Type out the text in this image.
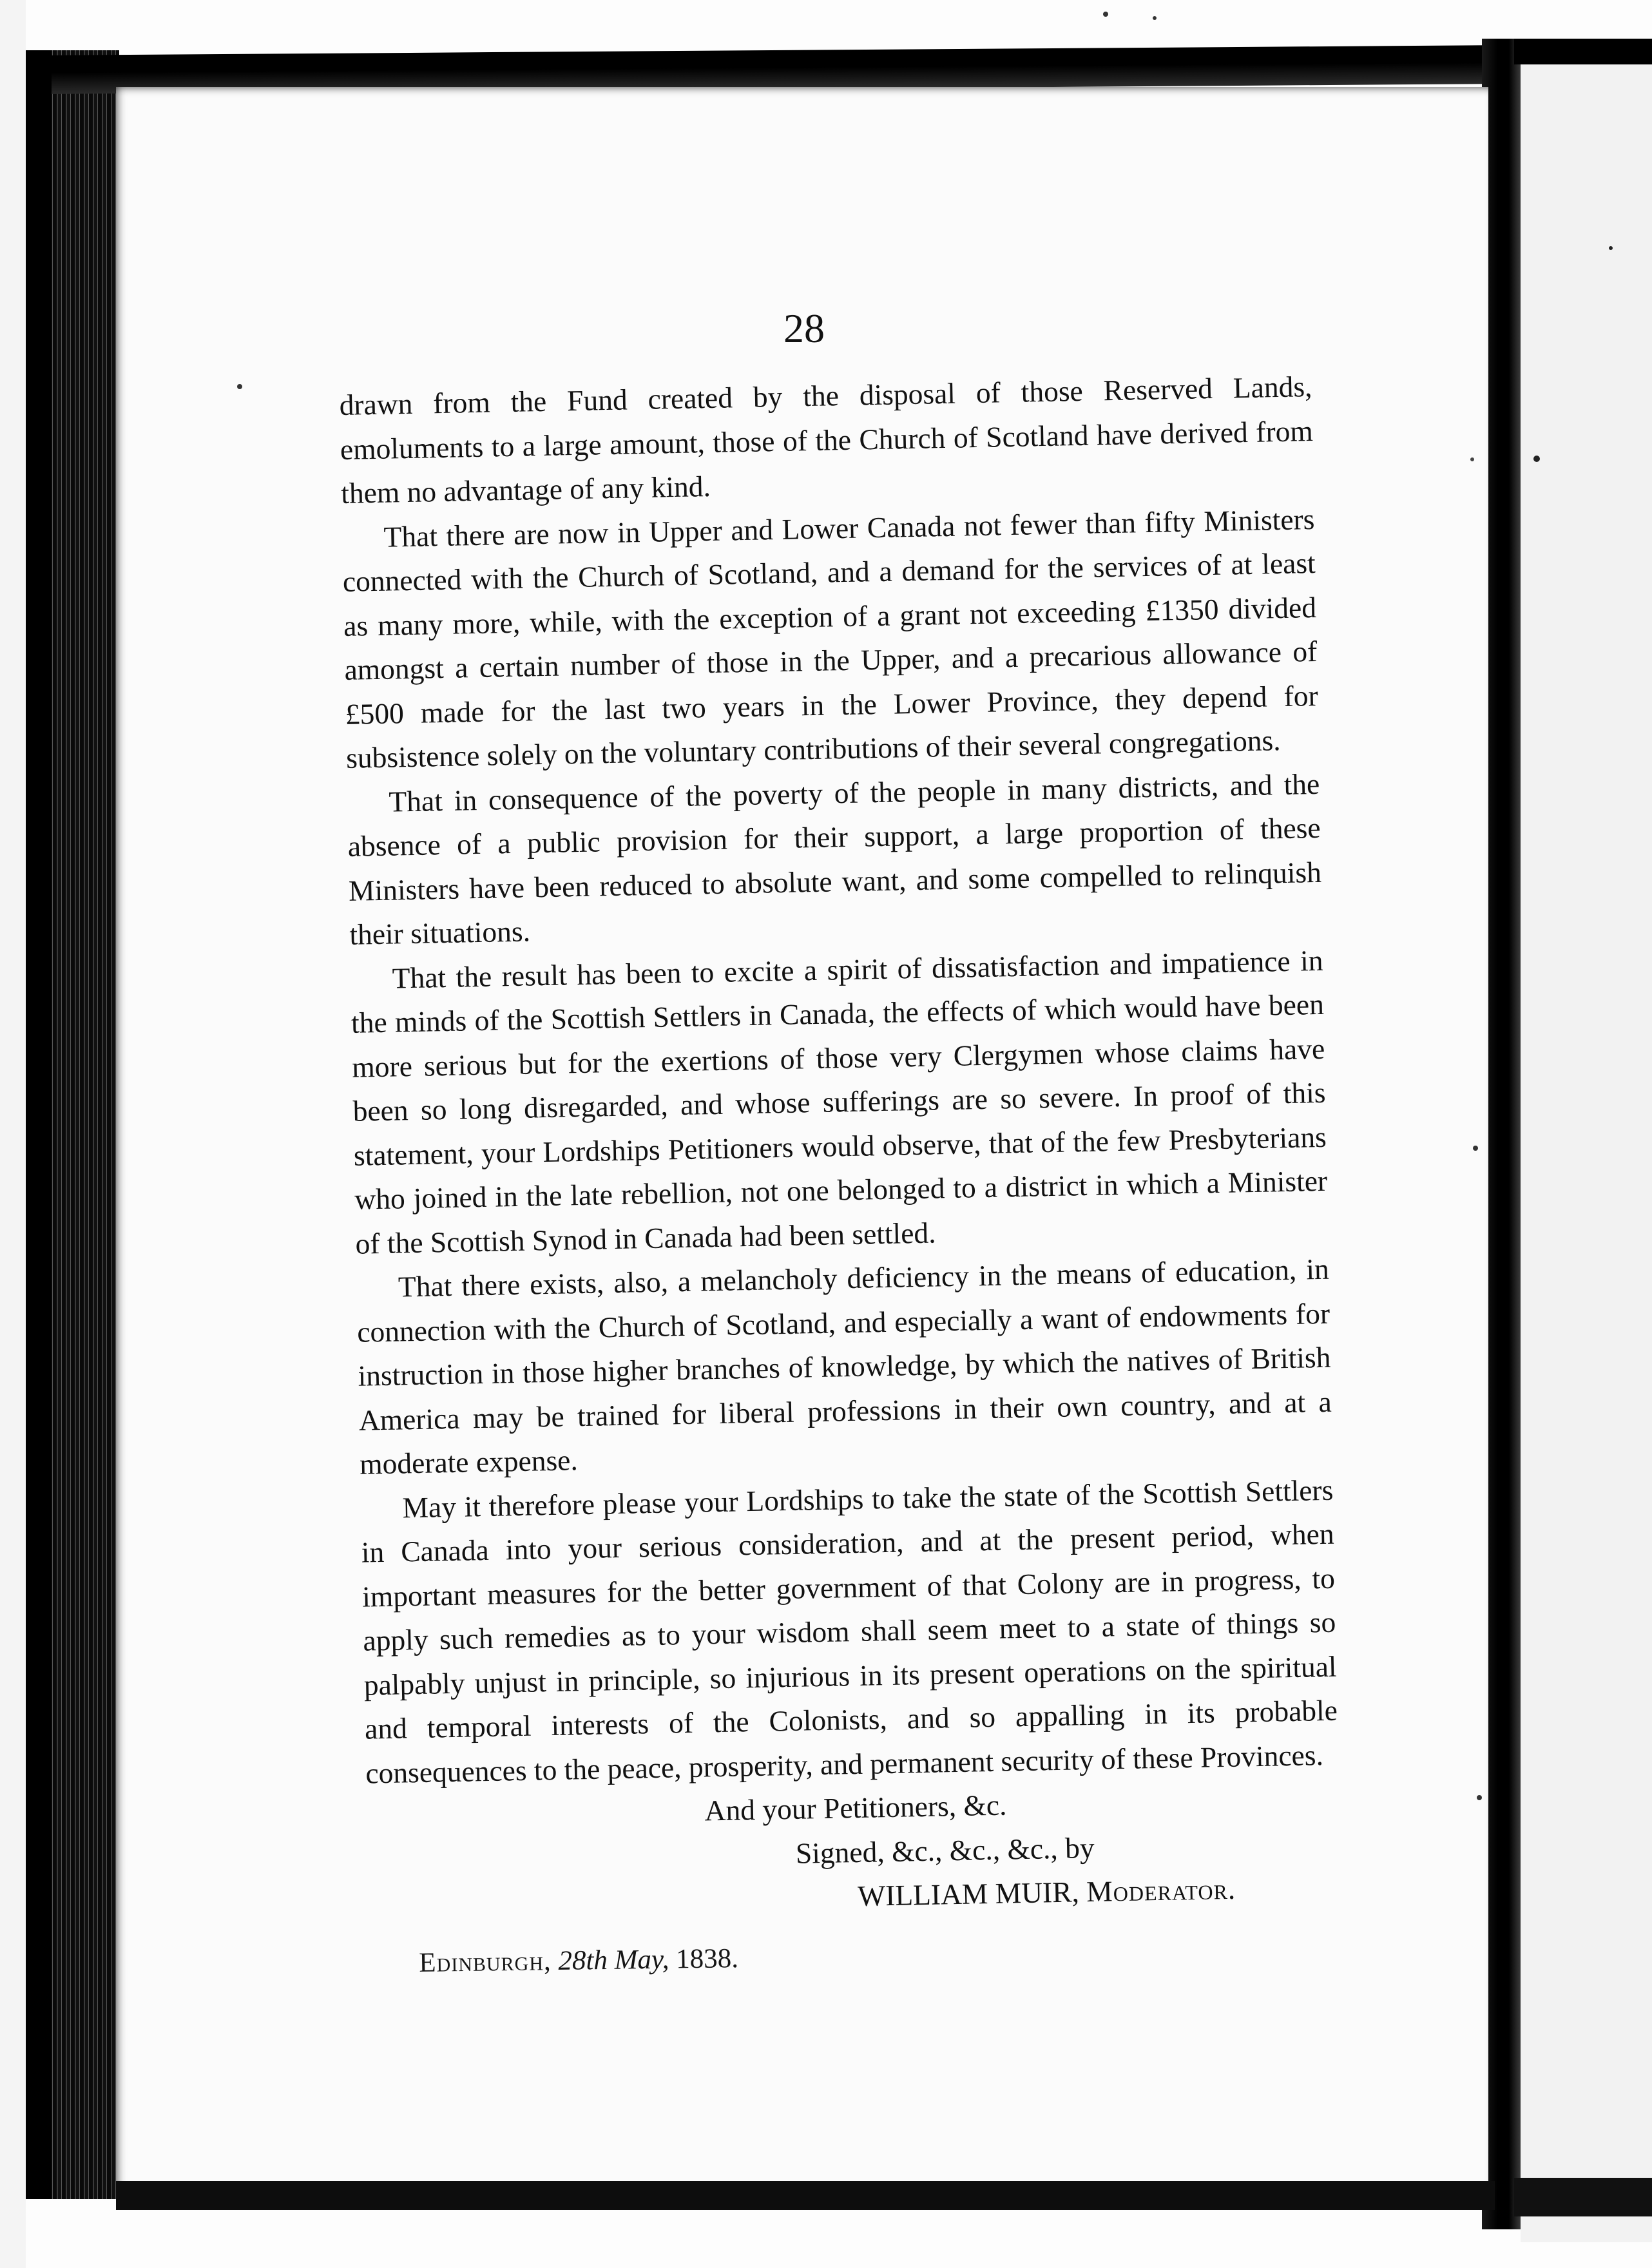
28

drawn from the Fund created by the disposal of those Reserved Lands, emoluments to a large amount, those of the Church of Scotland have derived from them no advantage of any kind.

That there are now in Upper and Lower Canada not fewer than fifty Ministers connected with the Church of Scotland, and a demand for the services of at least as many more, while, with the exception of a grant not exceeding £1350 divided amongst a certain number of those in the Upper, and a precarious allowance of £500 made for the last two years in the Lower Province, they depend for subsistence solely on the voluntary contributions of their several congregations.

That in consequence of the poverty of the people in many districts, and the absence of a public provision for their support, a large proportion of these Ministers have been reduced to absolute want, and some compelled to relinquish their situations.

That the result has been to excite a spirit of dissatisfaction and impatience in the minds of the Scottish Settlers in Canada, the effects of which would have been more serious but for the exertions of those very Clergymen whose claims have been so long disregarded, and whose sufferings are so severe. In proof of this statement, your Lordships Petitioners would observe, that of the few Presbyterians who joined in the late rebellion, not one belonged to a district in which a Minister of the Scottish Synod in Canada had been settled.

That there exists, also, a melancholy deficiency in the means of education, in connection with the Church of Scotland, and especially a want of endowments for instruction in those higher branches of knowledge, by which the natives of British America may be trained for liberal professions in their own country, and at a moderate expense.

May it therefore please your Lordships to take the state of the Scottish Settlers in Canada into your serious consideration, and at the present period, when important measures for the better government of that Colony are in progress, to apply such remedies as to your wisdom shall seem meet to a state of things so palpably unjust in principle, so injurious in its present operations on the spiritual and temporal interests of the Colonists, and so appalling in its probable consequences to the peace, prosperity, and permanent security of these Provinces.

And your Petitioners, &c.
Signed, &c., &c., &c., by
WILLIAM MUIR, Moderator.
Edinburgh, 28th May, 1838.
